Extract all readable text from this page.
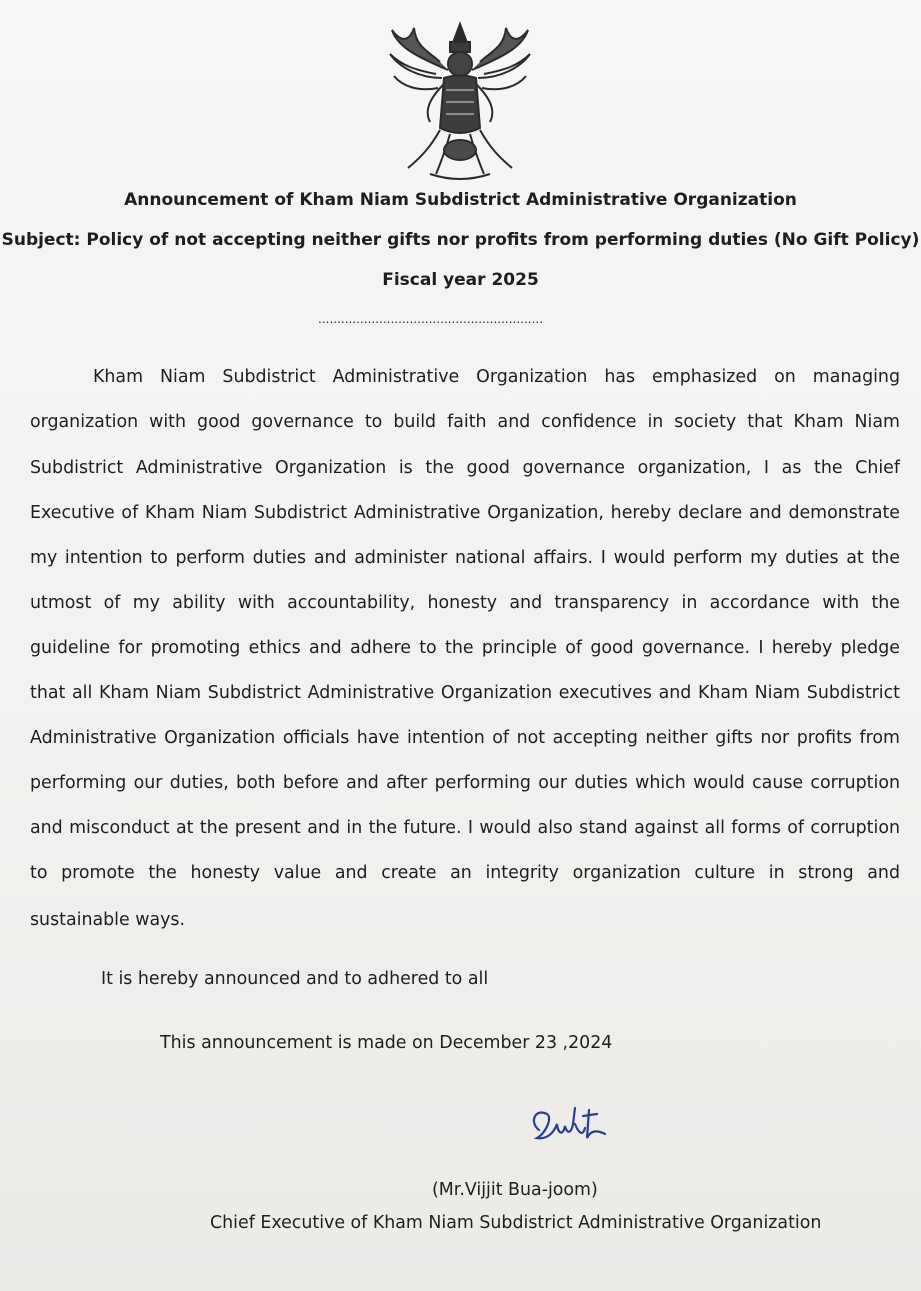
Announcement of Kham Niam Subdistrict Administrative Organization
Subject: Policy of not accepting neither gifts nor profits from performing duties (No Gift Policy)
Fiscal year 2025
...........................................................
Kham Niam Subdistrict Administrative Organization has emphasized on managing
organization with good governance to build faith and confidence in society that Kham Niam
Subdistrict Administrative Organization is the good governance organization, I as the Chief
Executive of Kham Niam Subdistrict Administrative Organization, hereby declare and demonstrate
my intention to perform duties and administer national affairs. I would perform my duties at the
utmost of my ability with accountability, honesty and transparency in accordance with the
guideline for promoting ethics and adhere to the principle of good governance. I hereby pledge
that all Kham Niam Subdistrict Administrative Organization executives and Kham Niam Subdistrict
Administrative Organization officials have intention of not accepting neither gifts nor profits from
performing our duties, both before and after performing our duties which would cause corruption
and misconduct at the present and in the future. I would also stand against all forms of corruption
to promote the honesty value and create an integrity organization culture in strong and
sustainable ways.
It is hereby announced and to adhered to all
This announcement is made on December 23 ,2024
(Mr.Vijjit Bua-joom)
Chief Executive of Kham Niam Subdistrict Administrative Organization
